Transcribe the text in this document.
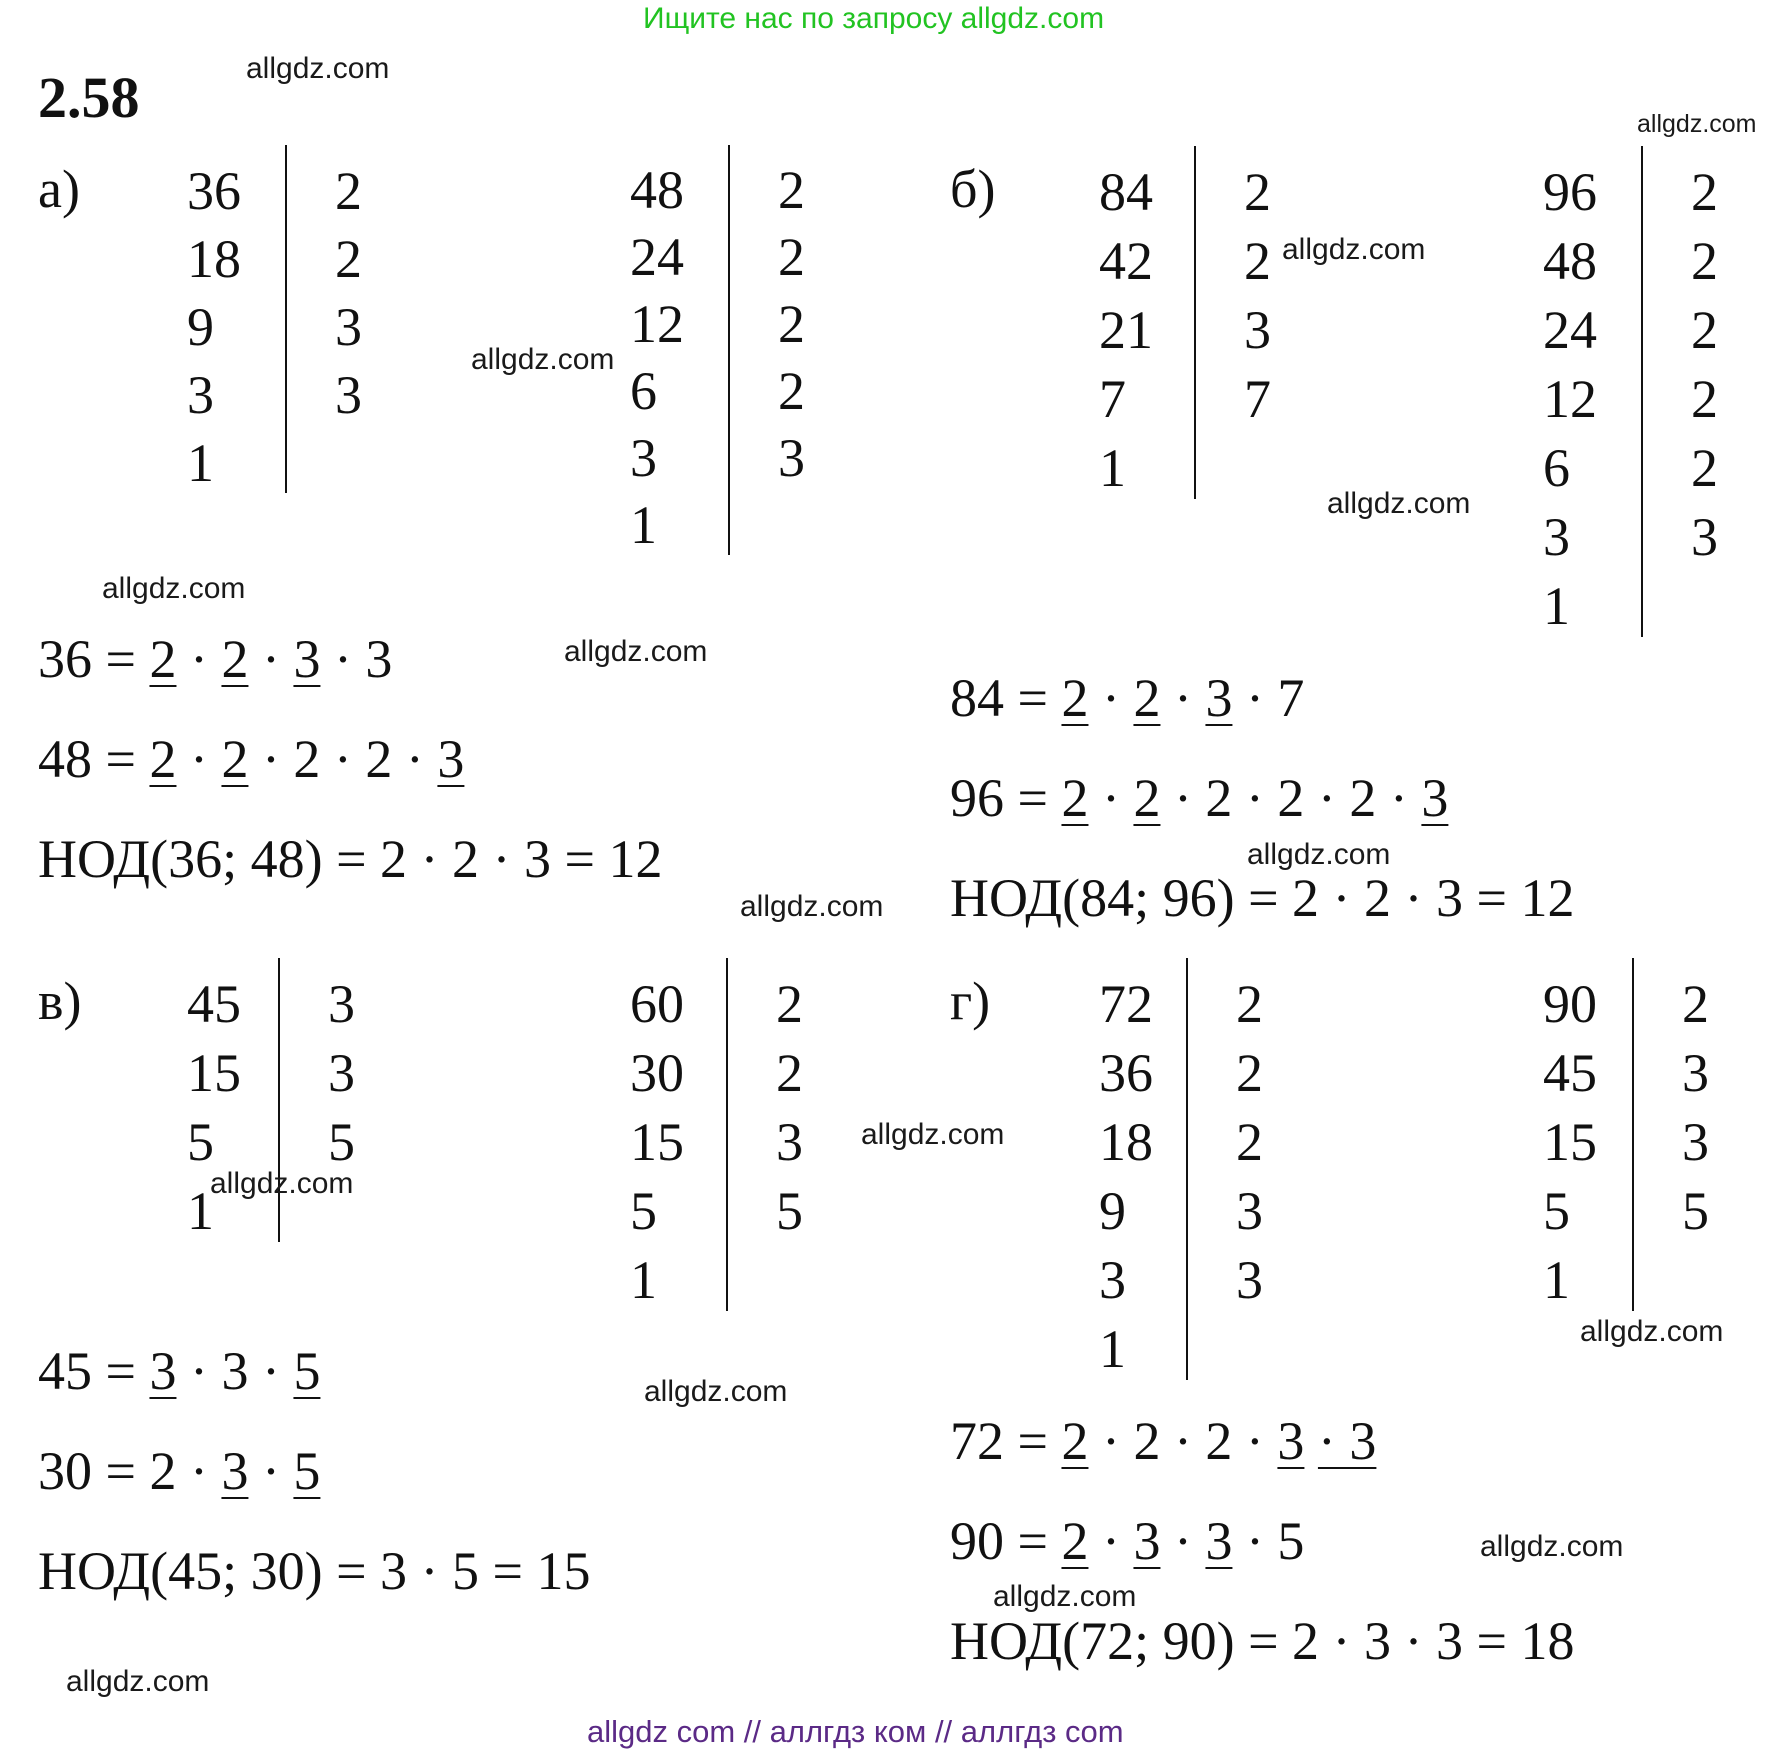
Ищите нас по запросу allgdz.com
2.58
а)	б)
в)	г)
36
18
9
3
1
2
2
3
3
48
24
12
6
3
1
2
2
2
2
3
84
42
21
7
1
2
2
3
7
96
48
24
12
6
3
1
2
2
2
2
2
3
45
15
5
1
3
3
5
60
30
15
5
1
2
2
3
5
72
36
18
9
3
1
2
2
2
3
3
90
45
15
5
1
2
3
3
5
36 = 2 · 2 · 3 · 3
48 = 2 · 2 · 2 · 2 · 3
НОД(36; 48) = 2 · 2 · 3 = 12
84 = 2 · 2 · 3 · 7
96 = 2 · 2 · 2 · 2 · 2 · 3
НОД(84; 96) = 2 · 2 · 3 = 12
45 = 3 · 3 · 5
30 = 2 · 3 · 5
НОД(45; 30) = 3 · 5 = 15
72 = 2 · 2 · 2 · 3 · 3
90 = 2 · 3 · 3 · 5
НОД(72; 90) = 2 · 3 · 3 = 18
allgdz.com
allgdz.com
allgdz.com
allgdz.com
allgdz.com
allgdz.com
allgdz.com
allgdz.com
allgdz.com
allgdz.com
allgdz.com
allgdz.com
allgdz.com
allgdz.com
allgdz.com
allgdz.com
allgdz com // аллгдз ком // аллгдз com
